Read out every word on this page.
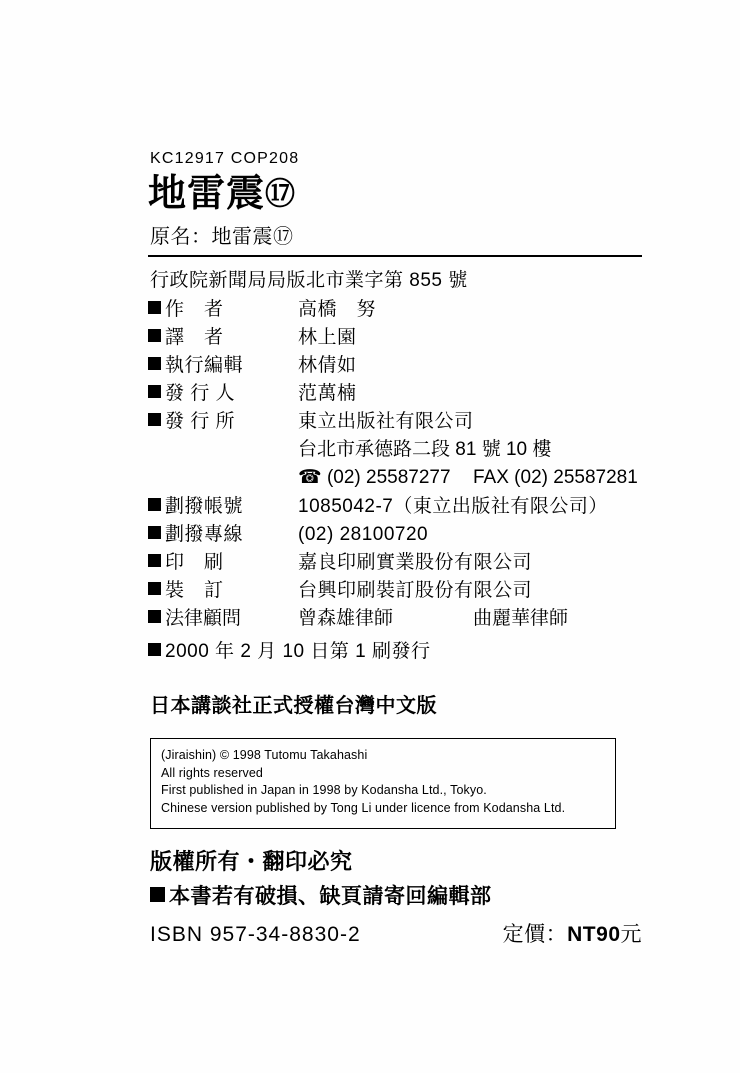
KC12917 COP208
地雷震⑰
原名：地雷震⑰
行政院新聞局局版北市業字第 855 號
作　者	高橋　努
譯　者	林上園
執行編輯	林倩如
發 行 人	范萬楠
發 行 所	東立出版社有限公司
台北市承德路二段 81 號 10 樓
☎ (02) 25587277	FAX (02) 25587281
劃撥帳號	1085042-7（東立出版社有限公司）
劃撥專線	(02) 28100720
印　刷	嘉良印刷實業股份有限公司
裝　訂	台興印刷裝訂股份有限公司
法律顧問	曾森雄律師	曲麗華律師
2000 年 2 月 10 日第 1 刷發行
日本講談社正式授權台灣中文版

(Jiraishin) © 1998 Tutomu Takahashi

All rights reserved

First published in Japan in 1998 by Kodansha Ltd., Tokyo.

Chinese version published by Tong Li under licence from Kodansha Ltd.

版權所有・翻印必究
本書若有破損、缺頁請寄回編輯部
ISBN 957-34-8830-2	定價：NT90元
